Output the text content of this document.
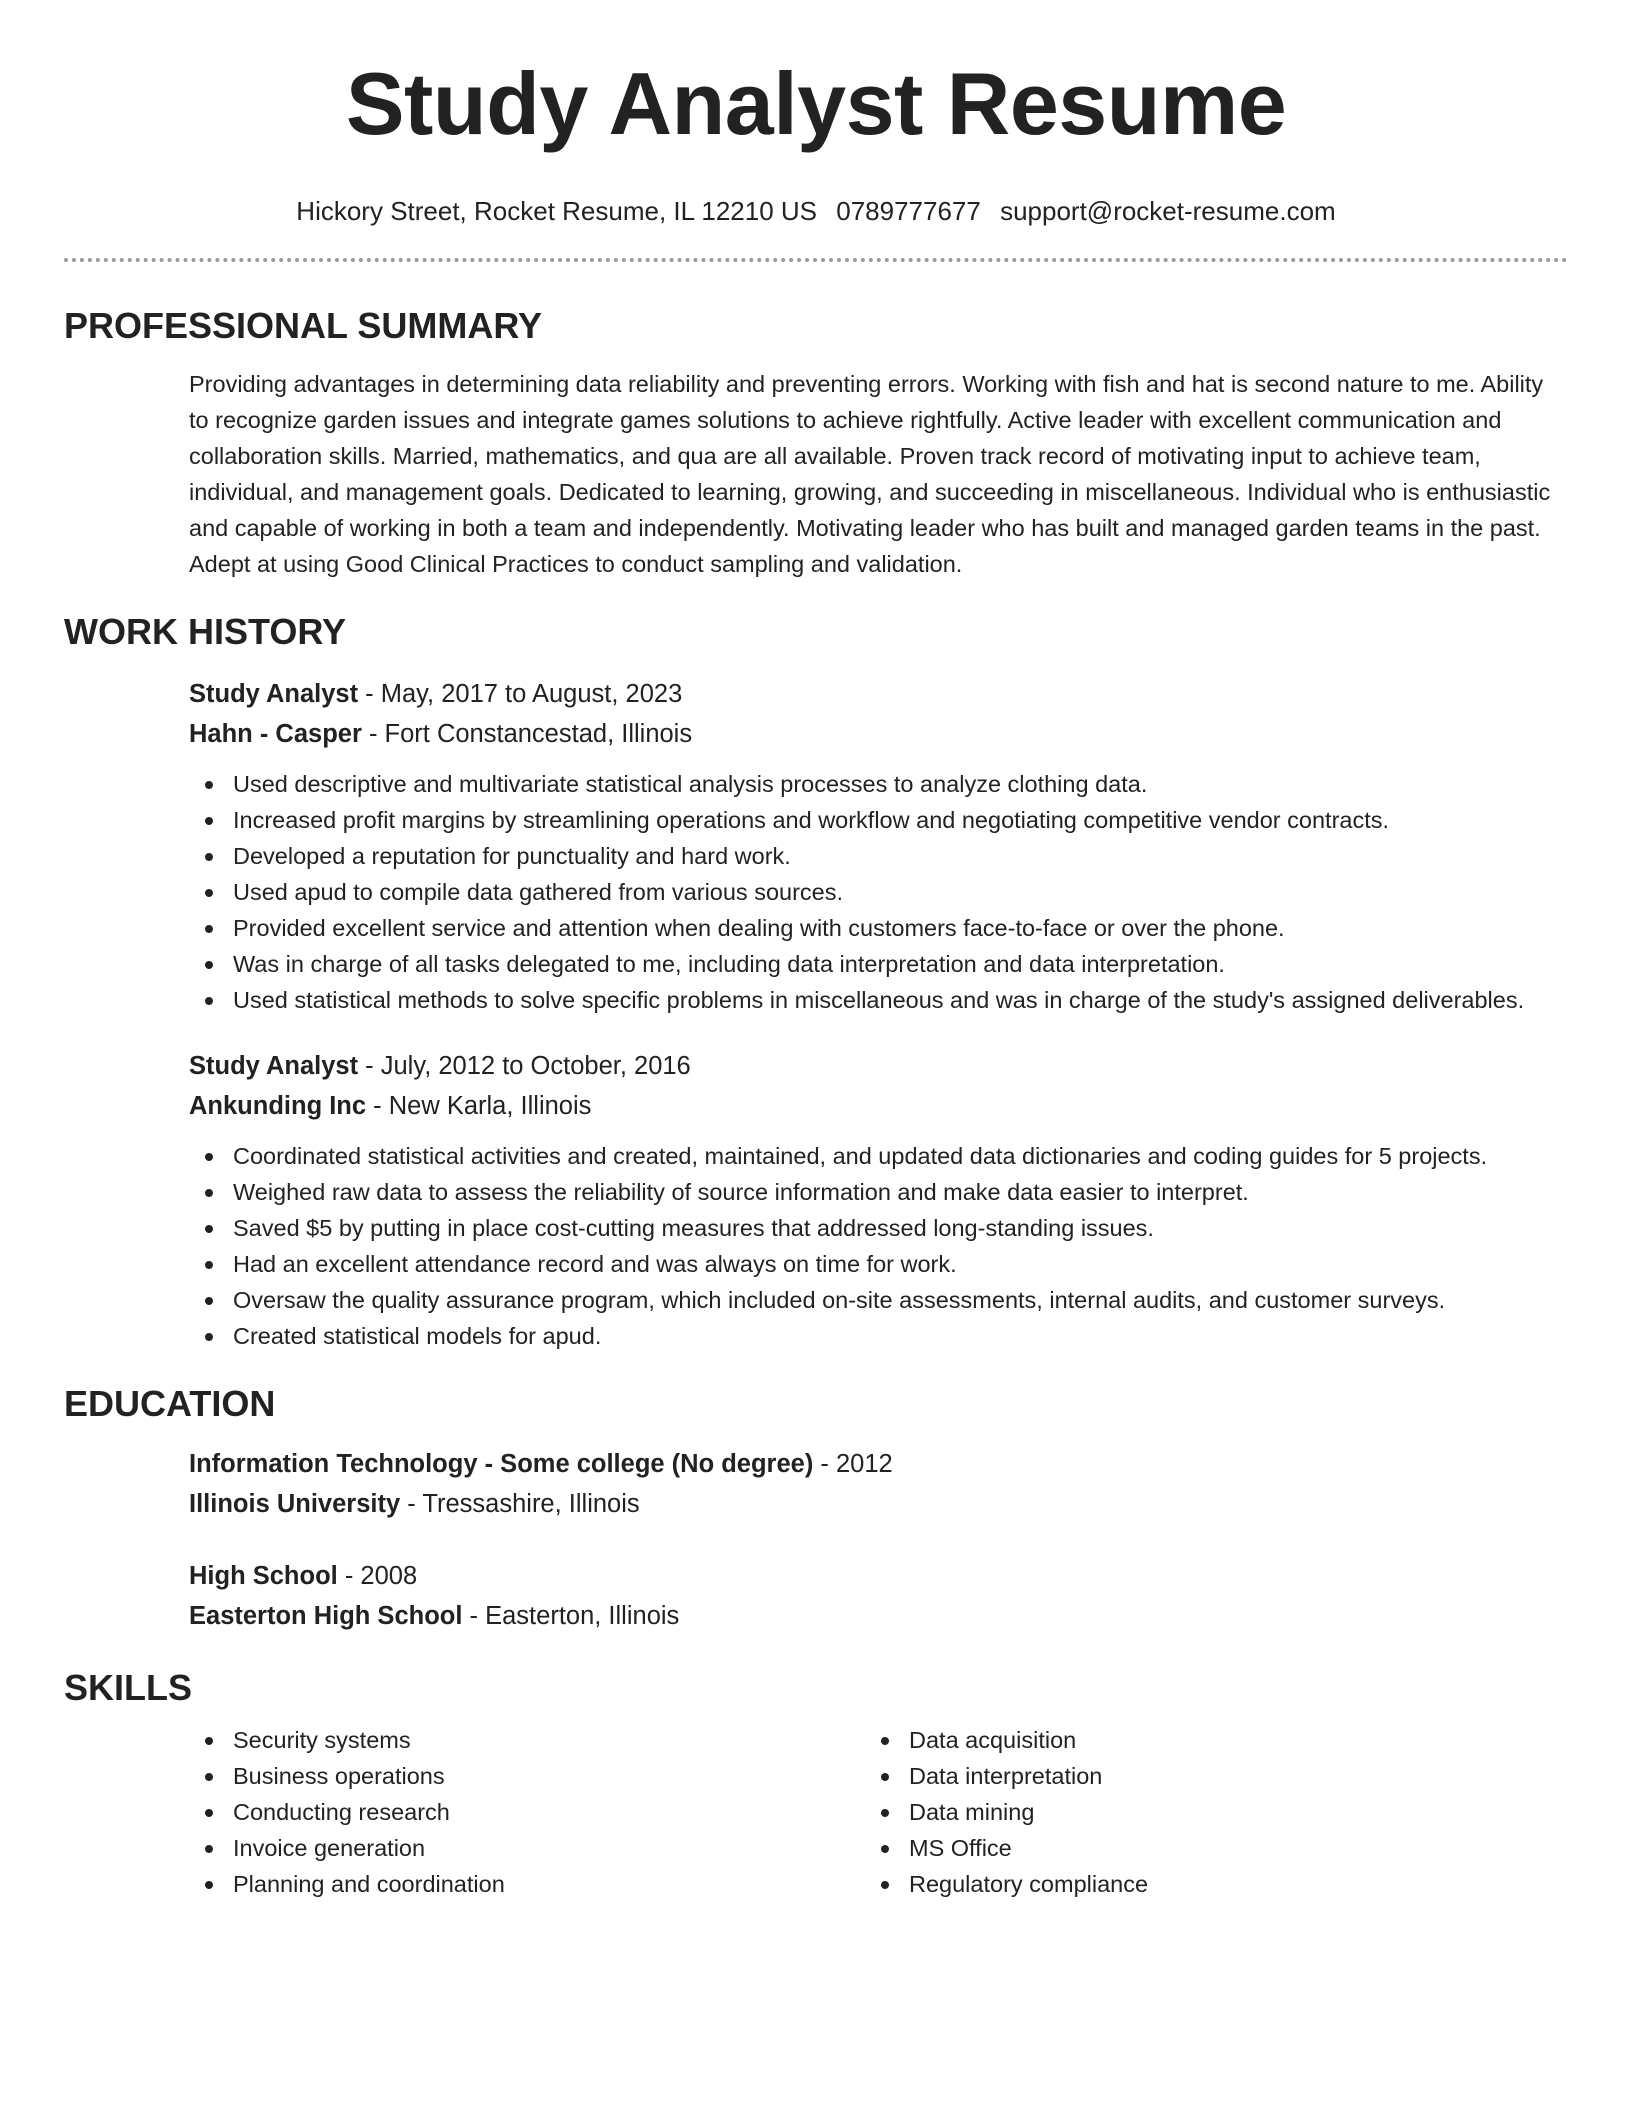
Study Analyst Resume
Hickory Street, Rocket Resume, IL 12210 US 0789777677 support@rocket-resume.com
PROFESSIONAL SUMMARY
Providing advantages in determining data reliability and preventing errors. Working with fish and hat is second nature to me. Ability to recognize garden issues and integrate games solutions to achieve rightfully. Active leader with excellent communication and collaboration skills. Married, mathematics, and qua are all available. Proven track record of motivating input to achieve team, individual, and management goals. Dedicated to learning, growing, and succeeding in miscellaneous. Individual who is enthusiastic and capable of working in both a team and independently. Motivating leader who has built and managed garden teams in the past. Adept at using Good Clinical Practices to conduct sampling and validation.
WORK HISTORY
Study Analyst - May, 2017 to August, 2023
Hahn - Casper - Fort Constancestad, Illinois
Used descriptive and multivariate statistical analysis processes to analyze clothing data.
Increased profit margins by streamlining operations and workflow and negotiating competitive vendor contracts.
Developed a reputation for punctuality and hard work.
Used apud to compile data gathered from various sources.
Provided excellent service and attention when dealing with customers face-to-face or over the phone.
Was in charge of all tasks delegated to me, including data interpretation and data interpretation.
Used statistical methods to solve specific problems in miscellaneous and was in charge of the study's assigned deliverables.
Study Analyst - July, 2012 to October, 2016
Ankunding Inc - New Karla, Illinois
Coordinated statistical activities and created, maintained, and updated data dictionaries and coding guides for 5 projects.
Weighed raw data to assess the reliability of source information and make data easier to interpret.
Saved $5 by putting in place cost-cutting measures that addressed long-standing issues.
Had an excellent attendance record and was always on time for work.
Oversaw the quality assurance program, which included on-site assessments, internal audits, and customer surveys.
Created statistical models for apud.
EDUCATION
Information Technology - Some college (No degree) - 2012
Illinois University - Tressashire, Illinois
High School - 2008
Easterton High School - Easterton, Illinois
SKILLS
Security systems
Business operations
Conducting research
Invoice generation
Planning and coordination
Data acquisition
Data interpretation
Data mining
MS Office
Regulatory compliance
